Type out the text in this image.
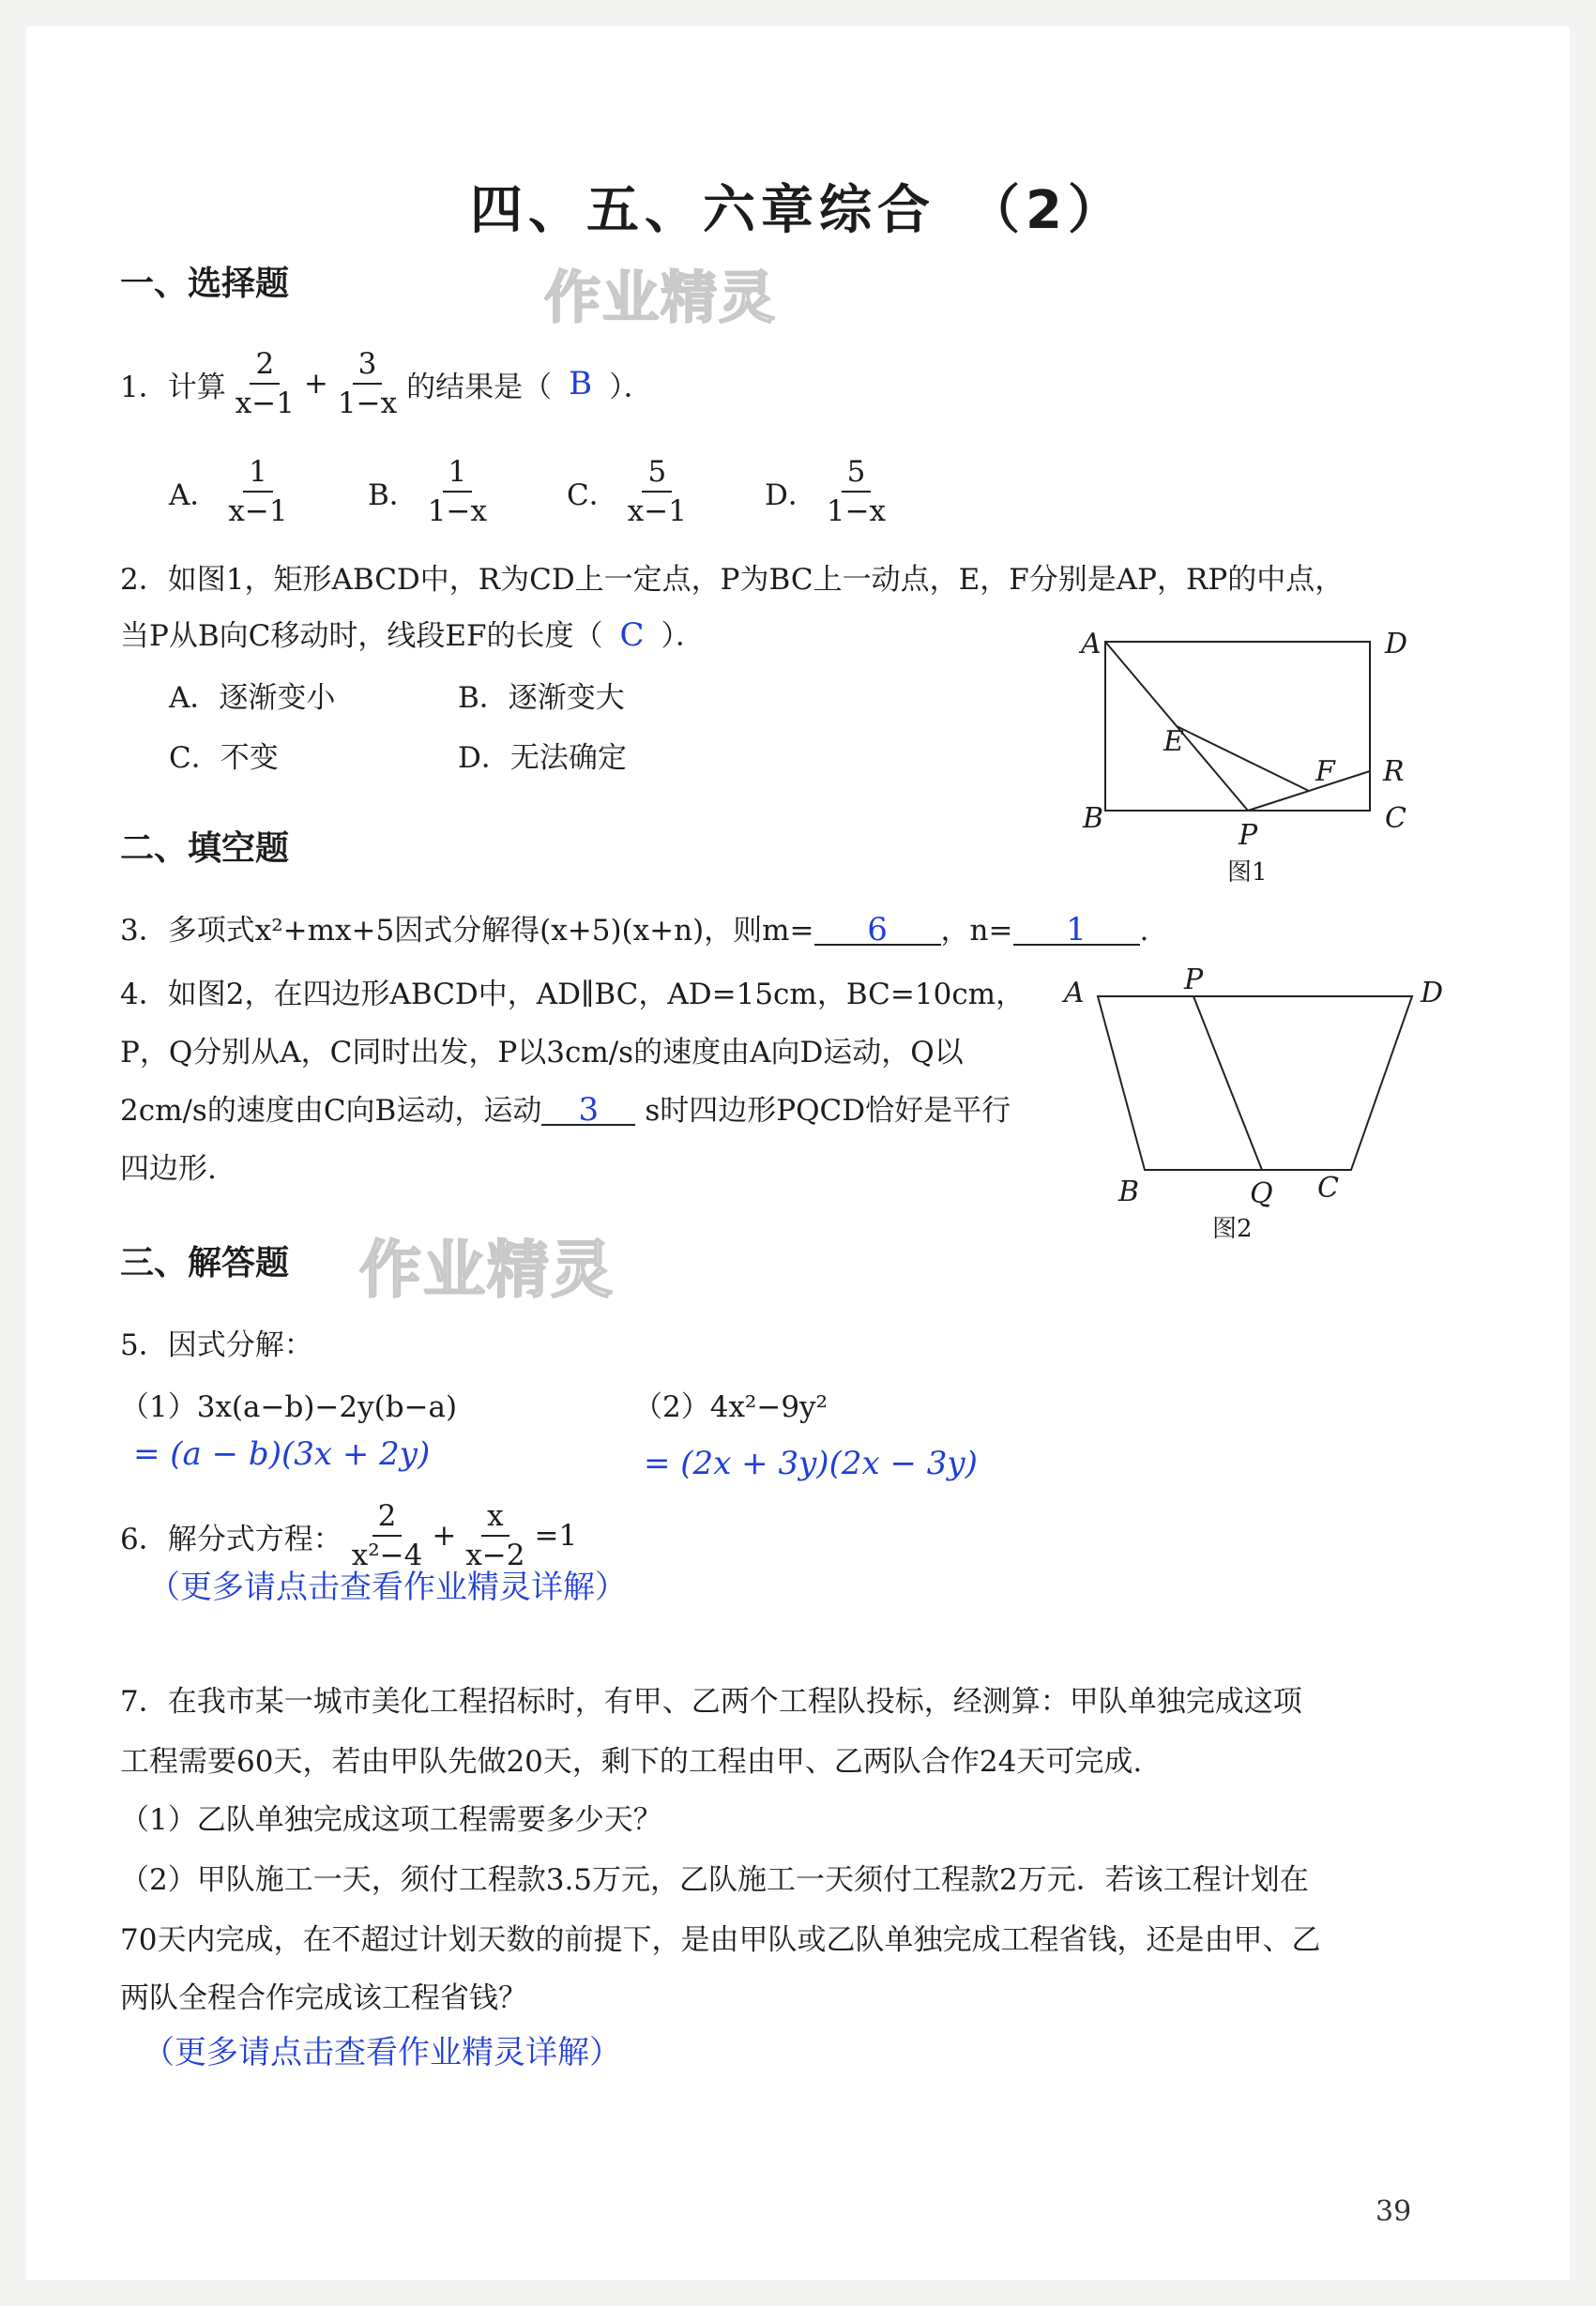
四、五、六章综合　（2）
作业精灵
作业精灵
一、选择题
1．计算 $\frac{2}{x-1} + \frac{3}{1-x}$ 的结果是（ B ）．
A． $\frac{1}{x-1}$	B． $\frac{1}{1-x}$	C． $\frac{5}{x-1}$ D． $\frac{5}{1-x}$
2．如图1，矩形ABCD中，R为CD上一定点，P为BC上一动点，E，F分别是AP，RP的中点，
当P从B向C移动时，线段EF的长度（ C ）．
A．逐渐变小	B．逐渐变大
C．不变	D．无法确定
A	D
E
F R
B	C
P
图1
二、填空题
3．多项式x²+mx+5因式分解得(x+5)(x+n)，则m= 6 ，n= 1 .
4．如图2，在四边形ABCD中，AD∥BC，AD=15cm，BC=10cm，
P，Q分别从A，C同时出发，P以3cm/s的速度由A向D运动，Q以
2cm/s的速度由C向B运动，运动 3 s时四边形PQCD恰好是平行
四边形.
A	P	D
B	Q C
图2
三、解答题
5．因式分解：
（1）3x(a−b)−2y(b−a)
= (a − b)(3x + 2y)
（2）4x²−9y²
= (2x + 3y)(2x − 3y)
6．解分式方程： $\frac{2}{\text{x²−4}} + \frac{x}{x-2} =1$
（更多请点击查看作业精灵详解）
7．在我市某一城市美化工程招标时，有甲、乙两个工程队投标，经测算：甲队单独完成这项
工程需要60天，若由甲队先做20天，剩下的工程由甲、乙两队合作24天可完成.
（1）乙队单独完成这项工程需要多少天？
（2）甲队施工一天，须付工程款3.5万元，乙队施工一天须付工程款2万元．若该工程计划在
70天内完成，在不超过计划天数的前提下，是由甲队或乙队单独完成工程省钱，还是由甲、乙
两队全程合作完成该工程省钱？
（更多请点击查看作业精灵详解）
39
